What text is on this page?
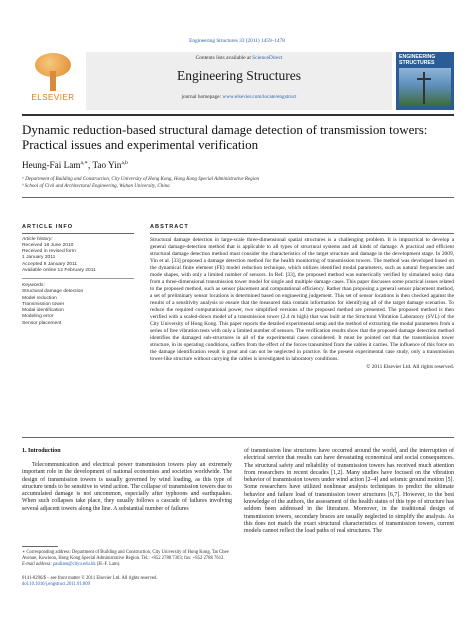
Engineering Structures 33 (2011) 1459–1478
ELSEVIER
Contents lists available at ScienceDirect
Engineering Structures
journal homepage: www.elsevier.com/locate/engstruct
ENGINEERING STRUCTURES
Dynamic reduction-based structural damage detection of transmission towers:
Practical issues and experimental verification
Heung-Fai Lam$^{a,∗}$, Tao Yin$^{a,b}$
ᵃ Department of Building and Construction, City University of Hong Kong, Hong Kong Special Administrative Region
ᵇ School of Civil and Architectural Engineering, Wuhan University, China
ARTICLE INFO
Article history:
Received 18 June 2010
Received in revised form
1 January 2011
Accepted 8 January 2011
Available online 12 February 2011
Keywords:
Structural damage detection
Model reduction
Transmission tower
Modal identification
Modeling error
Sensor placement
ABSTRACT
Structural damage detection in large-scale three-dimensional spatial structures is a challenging problem. It is impractical to develop a general damage-detection method that is applicable to all types of structural systems and all kinds of damage. A practical and efficient structural damage detection method must consider the characteristics of the target structure and damage in the development stage. In 2009, Yin et al. [33] proposed a damage detection method for the health monitoring of transmission towers. The method was developed based on the dynamical finite element (FE) model reduction technique, which utilizes identified modal parameters, such as natural frequencies and mode shapes, with only a limited number of sensors. In Ref. [33], the proposed method was numerically verified by simulated noisy data from a three-dimensional transmission tower model for single and multiple damage cases. This paper discusses some practical issues related to the proposed method, such as sensor placement and computational efficiency. Rather than proposing a general sensor placement method, a set of preliminary sensor locations is determined based on engineering judgement. This set of sensor locations is then checked against the results of a sensitivity analysis to ensure that the measured data contain information for identifying all of the target damage scenarios. To reduce the required computational power, two simplified versions of the proposed method are presented. The proposed method is then verified with a scaled-down model of a transmission tower (2.4 m high) that was built at the Structural Vibration Laboratory (SVL) of the City University of Hong Kong. This paper reports the detailed experimental setup and the method of extracting the modal parameters from a series of free vibration tests with only a limited number of sensors. The verification results show that the proposed damage detection method identifies the damaged sub-structures in all of the experimental cases considered. It must be pointed out that the transmission tower structure, in its operating conditions, suffers from the effect of the forces transmitted from the cables it carries. The influence of this force on the damage identification result is great and can not be neglected in practice. In the present experimental case study, only a transmission tower-like structure without carrying the cables is investigated in laboratory conditions.
© 2011 Elsevier Ltd. All rights reserved.
1. Introduction
Telecommunication and electrical power transmission towers play an extremely important role in the development of national economies and societies worldwide. The design of transmission towers is usually governed by wind loading, as this type of structure tends to be sensitive to wind action. The collapse of transmission towers due to accumulated damage is not uncommon, especially after typhoons and earthquakes. When such collapses take place, they usually follows a cascade of failures involving several adjacent towers along the line. A substantial number of failures
of transmission line structures have occurred around the world, and the interruption of electrical service that results can have devastating economical and social consequences. The structural safety and reliability of transmission towers has received much attention from researchers in recent decades [1,2]. Many studies have focused on the vibration behavior of transmission towers under wind action [2–4] and seismic ground motion [5]. Some researchers have utilized nonlinear analysis techniques to predict the ultimate behavior and failure load of transmission tower structures [6,7]. However, to the best knowledge of the authors, the assessment of the health status of this type of structure has seldom been addressed in the literature. Moreover, in the traditional design of transmission towers, secondary braces are usually neglected to simplify the analysis. As this does not match the exact structural characteristics of transmission towers, current models cannot reflect the load paths of real structures. The
∗ Corresponding address: Department of Building and Construction, City University of Hong Kong, Tat Chee Avenue, Kowloon, Hong Kong Special Administrative Region. Tel.: +852 2788 7303; fax: +852 2788 7612.
E-mail address: paullam@cityu.edu.hk (H.-F. Lam).
0141-0296/$ – see front matter © 2011 Elsevier Ltd. All rights reserved.
doi:10.1016/j.engstruct.2011.01.009
